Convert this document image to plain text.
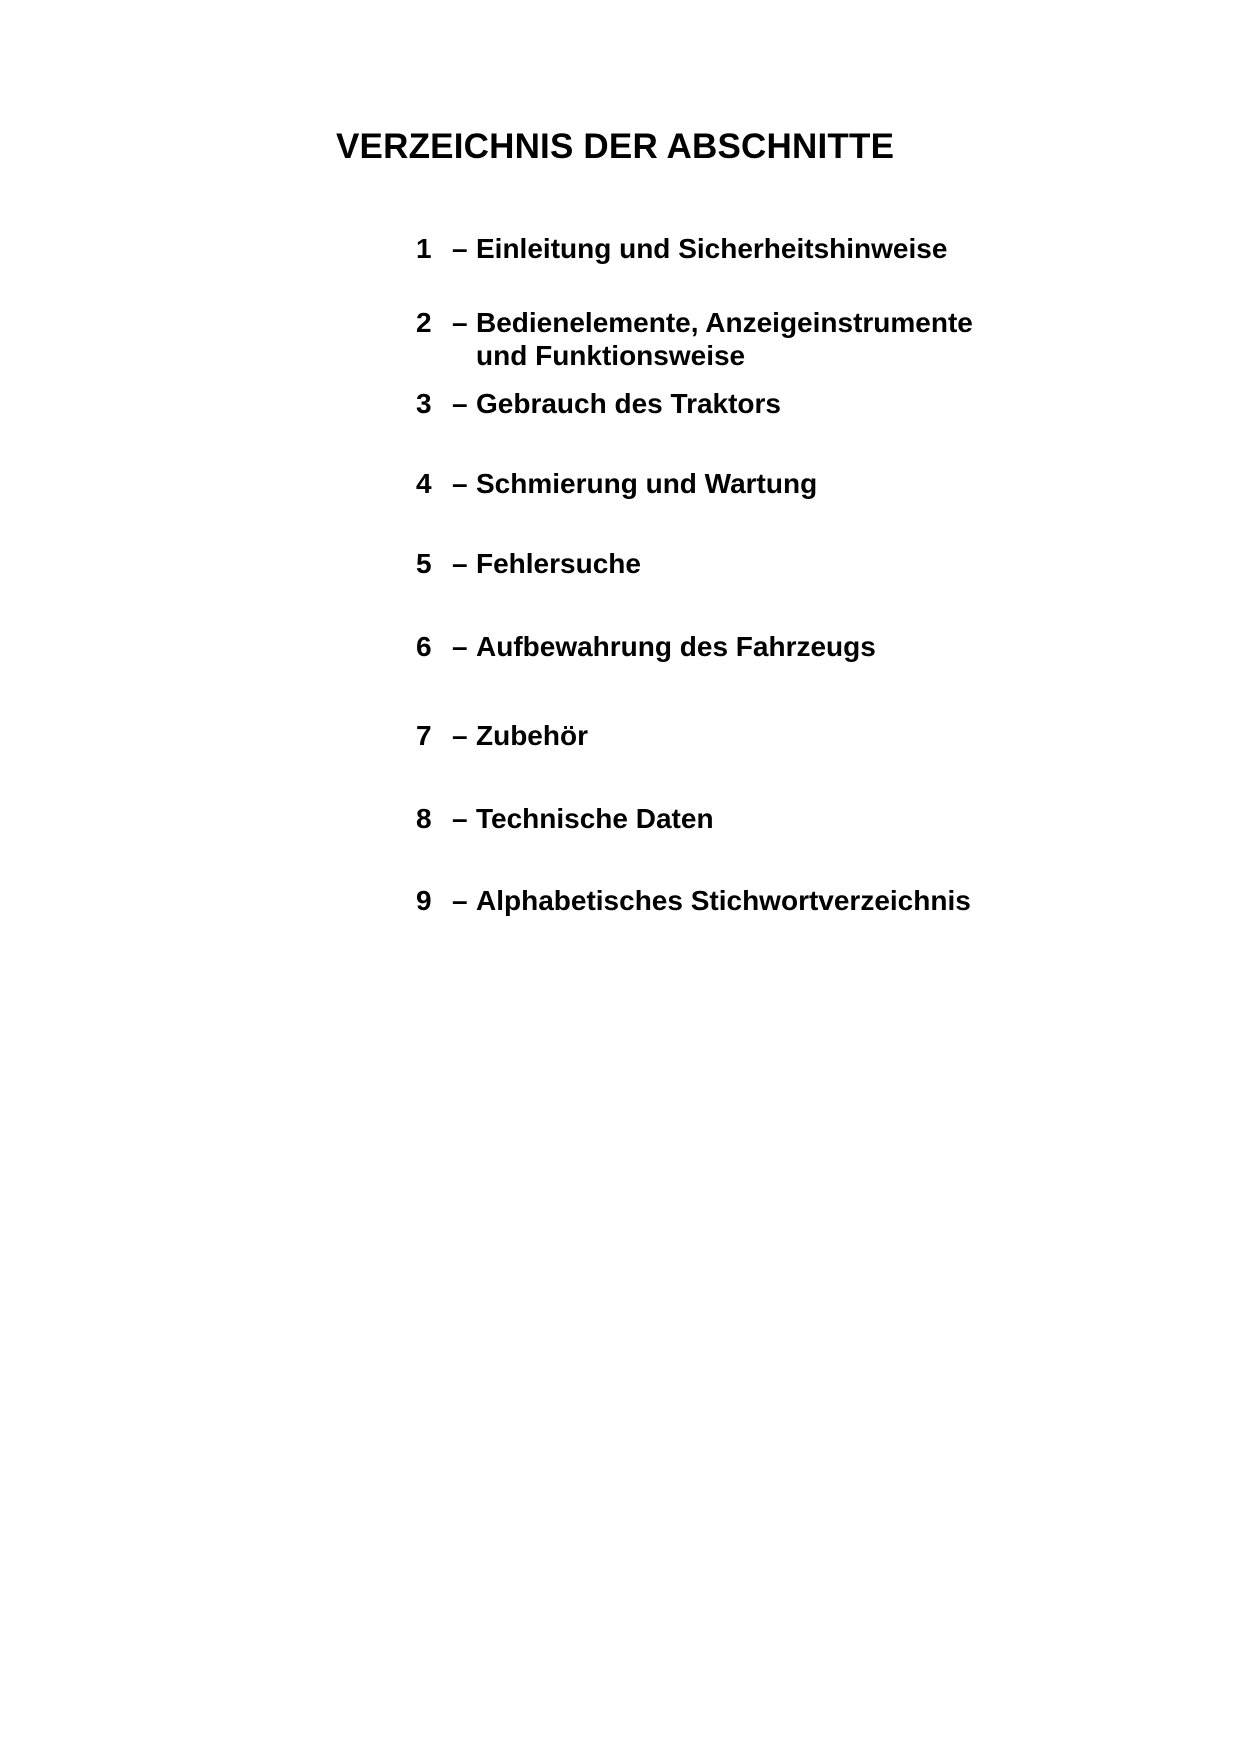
VERZEICHNIS DER ABSCHNITTE
1 – Einleitung und Sicherheitshinweise
2 – Bedienelemente, Anzeigeinstrumente
und Funktionsweise
3 – Gebrauch des Traktors
4 – Schmierung und Wartung
5 – Fehlersuche
6 – Aufbewahrung des Fahrzeugs
7 – Zubehör
8 – Technische Daten
9 – Alphabetisches Stichwortverzeichnis
